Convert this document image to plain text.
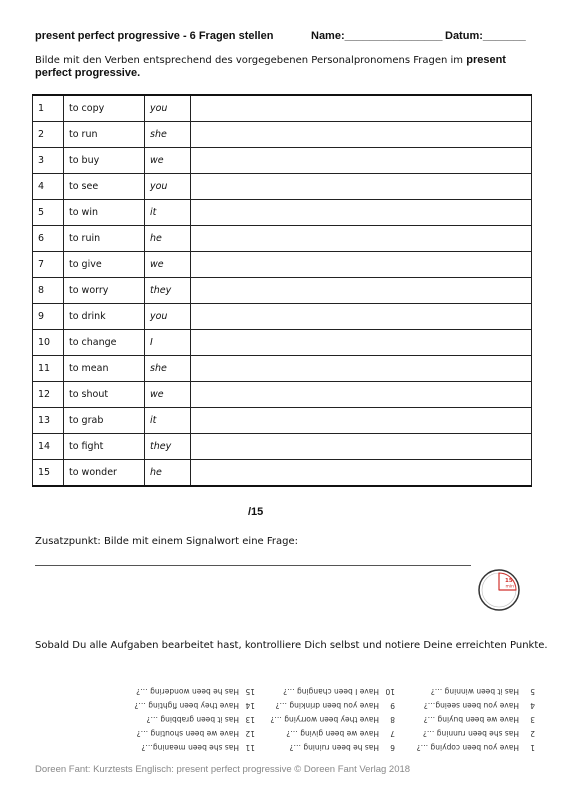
present perfect progressive - 6 Fragen stellen	Name:________________ Datum:_______
Bilde mit den Verben entsprechend des vorgegebenen Personalpronomens Fragen im present perfect progressive.
1	to copy	you	
2	to run	she	
3	to buy	we	
4	to see	you	
5	to win	it	
6	to ruin	he	
7	to give	we	
8	to worry	they	
9	to drink	you	
10	to change	I	
11	to mean	she	
12	to shout	we	
13	to grab	it	
14	to fight	they	
15	to wonder	he	
/15
Zusatzpunkt: Bilde mit einem Signalwort eine Frage:
15
min
Sobald Du alle Aufgaben bearbeitet hast, kontrolliere Dich selbst und notiere Deine erreichten Punkte.
1Have you been copying …?
2Has she been running …?
3Have we been buying …?
4Have you been seeing…?
5Has it been winning …?
6Has he been ruining …?
7Have we been giving …?
8Have they been worrying …?
9Have you been drinking …?
10Have I been changing …?
11Has she been meaning…?
12Have we been shouting …?
13Has it been grabbing …?
14Have they been fighting …?
15Has he been wondering …?
Doreen Fant: Kurztests Englisch: present perfect progressive © Doreen Fant Verlag 2018
